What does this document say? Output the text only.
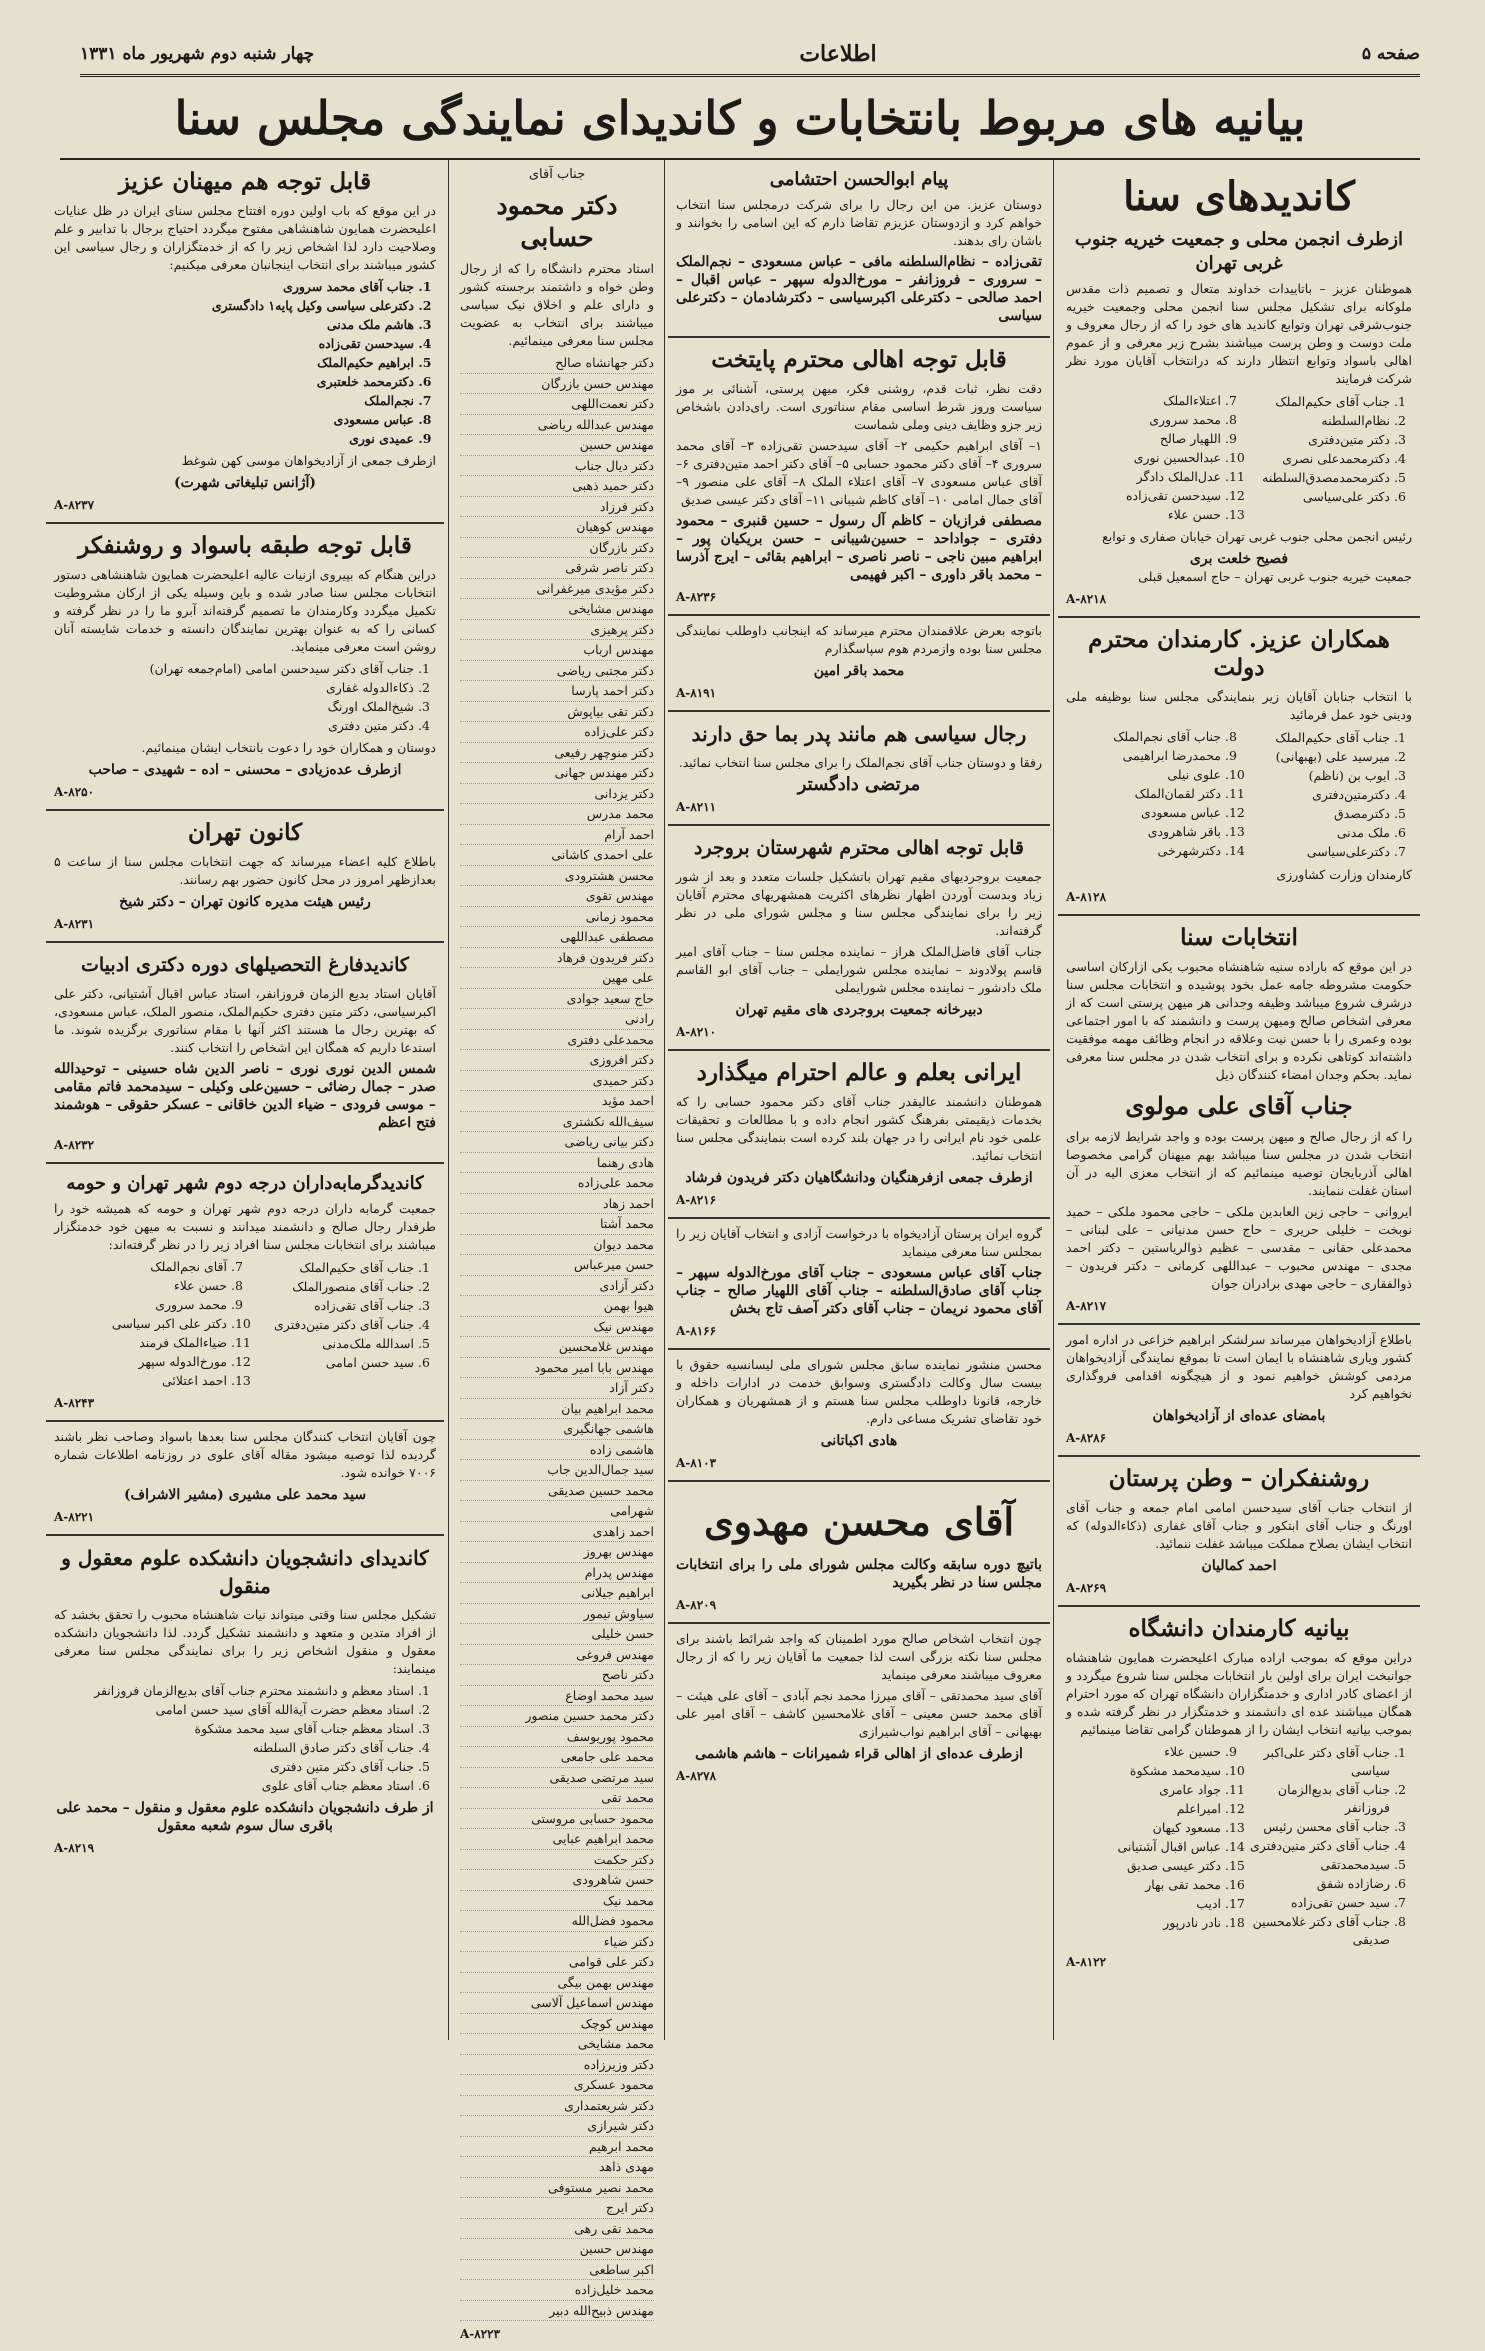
صفحه ۵
اطلاعات
چهار شنبه دوم شهریور ماه ۱۳۳۱
بیانیه های مربوط بانتخابات و کاندیدای نمایندگی مجلس سنا
کاندیدهای سنا
ازطرف انجمن محلی و جمعیت خیریه جنوب غربی تهران

هموطنان عزیز – باتاییدات خداوند متعال و تصمیم ذات مقدس ملوکانه برای تشکیل مجلس سنا انجمن محلی وجمعیت خیریه جنوب‌شرقی تهران وتوابع کاندید های خود را که از رجال معروف و ملت دوست و وطن پرست میباشند بشرح زیر معرفی و از عموم اهالی باسواد وتوابع انتظار دارند که درانتخاب آقایان مورد نظر شرکت فرمایند

1. جناب آقای حکیم‌الملک
2. نظام‌السلطنه
3. دکتر متین‌دفتری
4. دکترمحمدعلی نصری
5. دکترمحمدمصدق‌السلطنه
6. دکتر علی‌سیاسی
7. اعتلاءالملک
8. محمد سروری
9. اللهیار صالح
10. عبدالحسین نوری
11. عدل‌الملک دادگر
12. سیدحسن تقی‌زاده
13. حسن علاء

رئیس انجمن محلی جنوب غربی تهران خیابان صفاری و توابع

فصیح خلعت بری

جمعیت خیریه جنوب غربی تهران – حاج اسمعیل قبلی

A-۸۲۱۸
همکاران عزیز. کارمندان محترم دولت

با انتخاب جنابان آقایان زیر بنمایندگی مجلس سنا بوظیفه ملی ودینی خود عمل فرمائید

1. جناب آقای حکیم‌الملک
2. میرسید علی (بهبهانی)
3. ایوب بن (ناظم)
4. دکترمتین‌دفتری
5. دکترمصدق
6. ملک مدنی
7. دکترعلی‌سیاسی
8. جناب آقای نجم‌الملک
9. محمدرضا ابراهیمی
10. علوی نیلی
11. دکتر لقمان‌الملک
12. عباس مسعودی
13. باقر شاهرودی
14. دکتر‌شهرخی

کارمندان وزارت کشاورزی

A-۸۱۲۸
انتخابات سنا

در این موقع که باراده سنیه شاهنشاه محبوب یکی ازارکان اساسی حکومت مشروطه جامه عمل بخود پوشیده و انتخابات مجلس سنا درشرف شروع میباشد وظیفه وجدانی هر میهن پرستی است که از معرفی اشخاص صالح ومیهن پرست و دانشمند که با امور اجتماعی بوده وعمری را با حسن نیت وعلاقه در انجام وظائف مهمه موفقیت داشته‌اند کوتاهی نکرده و برای انتخاب شدن در مجلس سنا معرفی نماید. بحکم وجدان امضاء کنندگان ذیل

جناب آقای علی مولوی

را که از رجال صالح و میهن پرست بوده و واجد شرایط لازمه برای انتخاب شدن در مجلس سنا میباشد بهم میهنان گرامی مخصوصا اهالی آذربایجان توصیه مینمائیم که از انتخاب معزی الیه در آن استان غفلت ننمایند.

ایروانی – حاجی زین العابدین ملکی – حاجی محمود ملکی – حمید نوبخت – خلیلی حریری – حاج حسن مدنیانی – علی لبنانی – محمدعلی حقانی – مقدسی – عظیم ذوالریاستین – دکتر احمد مجدی – مهندس محبوب – عبداللهی کرمانی – دکتر فریدون – ذوالفقاری – حاجی مهدی برادران جوان

A-۸۲۱۷

باطلاع آزادیخواهان میرساند سرلشکر ابراهیم خزاعی در اداره امور کشور ویاری شاهنشاه با ایمان است تا بموقع نمایندگی آزادیخواهان مردمی کوشش خواهیم نمود و از هیچگونه اقدامی فروگذاری نخواهیم کرد

بامضای عده‌ای از آزادیخواهان
A-۸۲۸۶
روشنفکران – وطن پرستان

از انتخاب جناب آقای سیدحسن امامی امام جمعه و جناب آقای اورنگ و جناب آقای ابتکور و جناب آقای غفاری (ذکاءالدوله) که انتخاب ایشان بصلاح مملکت میباشد غفلت ننمائید.

احمد کمالیان
A-۸۲۶۹
بیانیه کارمندان دانشگاه

دراین موقع که بموجب اراده مبارک اعلیحضرت همایون شاهنشاه جوانبخت ایران برای اولین بار انتخابات مجلس سنا شروع میگردد و از اعضای کادر اداری و خدمتگزاران دانشگاه تهران که مورد احترام همگان میباشند عده ای دانشمند و خدمتگزار در نظر گرفته شده و بموجب بیانیه انتخاب ایشان را از هموطنان گرامی تقاضا مینمائیم

1. جناب آقای دکتر علی‌اکبر سیاسی
2. جناب آقای بدیع‌الزمان فروزانفر
3. جناب آقای محسن رئیس
4. جناب آقای دکتر متین‌دفتری
5. سیدمحمدتقی
6. رضازاده شفق
7. سید حسن تقی‌زاده
8. جناب آقای دکتر غلامحسین صدیقی
9. حسین علاء
10. سیدمحمد مشکوة
11. جواد عامری
12. امیراعلم
13. مسعود کیهان
14. عباس اقبال آشتیانی
15. دکتر عیسی صدیق
16. محمد تقی بهار
17. ادیب
18. نادر نادرپور
A-۸۱۲۲
پیام ابوالحسن احتشامی

دوستان عزیز. من این رجال را برای شرکت درمجلس سنا انتخاب خواهم کرد و ازدوستان عزیزم تقاضا دارم که این اسامی را بخوانند و باشان رای بدهند.

تقی‌زاده – نظام‌السلطنه مافی – عباس مسعودی – نجم‌الملک – سروری – فروزانفر – مورخ‌الدوله سپهر – عباس اقبال – احمد صالحی – دکترعلی اکبرسیاسی – دکترشادمان – دکترعلی سیاسی

قابل توجه اهالی محترم پایتخت

دقت نظر، ثبات قدم، روشنی فکر، میهن پرستی، آشنائی بر موز سیاست وروز شرط اساسی مقام سناتوری است. رای‌دادن باشخاص زیر جزو وظایف دینی وملی شماست

۱– آقای ابراهیم حکیمی ۲– آقای سیدحسن تقی‌زاده ۳– آقای محمد سروری ۴– آقای دکتر محمود حسابی ۵– آقای دکتر احمد متین‌دفتری ۶– آقای عباس مسعودی ۷– آقای اعتلاء الملک ۸– آقای علی منصور ۹– آقای جمال امامی ۱۰– آقای کاظم شیبانی ۱۱– آقای دکتر عیسی صدیق

مصطفی فرازیان – کاظم آل رسول – حسین قنبری – محمود دفتری – جواداحد – حسین‌شیبانی – حسن بریکیان پور – ابراهیم مبین ناجی – ناصر ناصری – ابراهیم بقائی – ایرج آذرسا – محمد باقر داوری – اکبر فهیمی

A-۸۲۳۶

باتوجه بعرض علاقمندان محترم میرساند که اینجانب داوطلب نمایندگی مجلس سنا بوده وازمردم هوم سپاسگذارم

محمد باقر امین
A-۸۱۹۱
رجال سیاسی هم مانند پدر بما حق دارند

رفقا و دوستان جناب آقای نجم‌الملک را برای مجلس سنا انتخاب نمائید.

مرتضی دادگستر
A-۸۲۱۱
قابل توجه اهالی محترم شهرستان بروجرد

جمعیت بروجردیهای مقیم تهران باتشکیل جلسات متعدد و بعد از شور زیاد وبدست آوردن اظهار نظرهای اکثریت همشهریهای محترم آقایان زیر را برای نمایندگی مجلس سنا و مجلس شورای ملی در نظر گرفته‌اند.

جناب آقای فاضل‌الملک هراز – نماینده مجلس سنا – جناب آقای امیر قاسم پولادوند – نماینده مجلس شورایملی – جناب آقای ابو القاسم ملک دادشور – نماینده مجلس شورایملی

دبیرخانه جمعیت بروجردی های مقیم تهران
A-۸۲۱۰
ایرانی بعلم و عالم احترام میگذارد

هموطنان دانشمند عالیقدر جناب آقای دکتر محمود حسابی را که بخدمات ذیقیمتی بفرهنگ کشور انجام داده و با مطالعات و تحقیقات علمی خود نام ایرانی را در جهان بلند کرده است بنمایندگی مجلس سنا انتخاب نمائید.

ازطرف جمعی ازفرهنگیان ودانشگاهیان دکتر فریدون فرشاد
A-۸۲۱۶

گروه ایران پرستان آزادیخواه با درخواست آزادی و انتخاب آقایان زیر را بمجلس سنا معرفی مینماید

جناب آقای عباس مسعودی – جناب آقای مورخ‌الدوله سپهر – جناب آقای صادق‌السلطنه – جناب آقای اللهیار صالح – جناب آقای محمود نریمان – جناب آقای دکتر آصف تاج بخش

A-۸۱۶۶

محسن منشور نماینده سابق مجلس شورای ملی لیسانسیه حقوق با بیست سال وکالت دادگستری وسوابق خدمت در ادارات داخله و خارجه، قانونا داوطلب مجلس سنا هستم و از همشهریان و همکاران خود تقاضای تشریک مساعی دارم.

هادی اکباتانی
A-۸۱۰۳
آقای محسن مهدوی

باتیچ دوره سابقه وکالت مجلس شورای ملی را برای انتخابات مجلس سنا در نظر بگیرید

A-۸۲۰۹

چون انتخاب اشخاص صالح مورد اطمینان که واجد شرائط باشند برای مجلس سنا نکته بزرگی است لذا جمعیت ما آقایان زیر را که از رجال معروف میباشند معرفی مینماید

آقای سید محمدتقی – آقای میرزا محمد نجم آبادی – آقای علی هیئت – آقای محمد حسن معینی – آقای غلامحسین کاشف – آقای امیر علی بهبهانی – آقای ابراهیم نواب‌شیرازی

ازطرف عده‌ای از اهالی قراء شمیرانات – هاشم هاشمی
A-۸۲۷۸
جناب آقای
دکتر محمود حسابی

استاد محترم دانشگاه را که از رجال وطن خواه و داشتمند برجسته کشور و دارای علم و اخلاق نیک سیاسی میباشند برای انتخاب به عضویت مجلس سنا معرفی مینمائیم.

دکتر جهانشاه صالح
مهندس حسن بازرگان
دکتر نعمت‌اللهی
مهندس عبدالله ریاضی
مهندس حسین
دکتر دیال جناب
دکتر حمید ذهبی
دکتر فرزاد
مهندس کوهیان
دکتر بازرگان
دکتر ناصر شرقی
دکتر مؤیدی میرغفرانی
مهندس مشایخی
دکتر پرهیزی
مهندس ارباب
دکتر مجتبی ریاضی
دکتر احمد پارسا
دکتر تقی بیاپوش
دکتر علی‌زاده
دکتر منوچهر رفیعی
دکتر مهندس جهانی
دکتر یزدانی
محمد مدرس
احمد آرام
علی احمدی کاشانی
محسن هشترودی
مهندس تقوی
محمود زمانی
مصطفی عبداللهی
دکتر فریدون فرهاد
علی مهین
حاج سعید جوادی
رادنی
محمدعلی دفتری
دکتر افروزی
دکتر حمیدی
احمد مؤید
سیف‌الله نکشتری
دکتر بیانی ریاضی
هادی رهنما
محمد علی‌زاده
احمد زهاد
محمد آشتا
محمد دیوان
حسن میرعباس
دکتر آزادی
هیوا بهمن
مهندس نیک
مهندس غلامحسین
مهندس بابا امیر محمود
دکتر آزاد
محمد ابراهیم بیان
هاشمی جهانگیری
هاشمی زاده
سید جمال‌الدین جاب
محمد حسین صدیقی
شهرامی
احمد زاهدی
مهندس بهروز
مهندس پدرام
ابراهیم جیلانی
سیاوش تیمور
حسن خلیلی
مهندس فروغی
دکتر ناصح
سید محمد اوضاع
دکتر محمد حسین منصور
محمود پوریوسف
محمد علی جامعی
سید مرتضی صدیقی
محمد تقی
محمود حسابی مروستی
محمد ابراهیم عبایی
دکتر حکمت
حسن شاهرودی
محمد نیک
محمود فضل‌الله
دکتر ضیاء
دکتر علی قوامی
مهندس بهمن بیگی
مهندس اسماعیل آلاسی
مهندس کوچک
محمد مشایخی
دکتر وزیرزاده
محمود عسکری
دکتر شریعتمداری
دکتر شیرازی
محمد ابرهیم
مهدی ذاهد
محمد نصیر مستوفی
دکتر ایرج
محمد تقی رهی
مهندس حسین
اکبر ساطعی
محمد خلیل‌زاده
مهندس ذبیح‌الله دبیر
A-۸۲۲۳
قابل توجه هم میهنان عزیز

در این موقع که باب اولین دوره افتتاح مجلس سنای ایران در ظل عنایات اعلیحضرت همایون شاهنشاهی مفتوح میگردد احتیاج برجال با تدابیر و علم وصلاحیت دارد لذا اشخاص زیر را که از خدمتگزاران و رجال سیاسی این کشور میباشند برای انتخاب اینجانبان معرفی میکنیم:

1. جناب آقای محمد سروری
2. دکترعلی سیاسی وکیل پایه۱ دادگستری
3. هاشم ملک مدنی
4. سیدحسن تقی‌زاده
5. ابراهیم حکیم‌الملک
6. دکترمحمد خلعتبری
7. نجم‌الملک
8. عباس مسعودی
9. عمیدی نوری

ازطرف جمعی از آزادیخواهان موسی کهن شوغط

(آژانس تبلیغاتی شهرت)
A-۸۲۳۷
قابل توجه طبقه باسواد و روشنفکر

دراین هنگام که بپیروی ازنیات عالیه اعلیحضرت همایون شاهنشاهی دستور انتخابات مجلس سنا صادر شده و باین وسیله یکی از ارکان مشروطیت تکمیل میگردد وکارمندان ما تصمیم گرفته‌اند آبرو ما را در نظر گرفته و کسانی را که به عنوان بهترین نمایندگان دانسته و خدمات شایسته آنان روشن است معرفی مینماید.

1. جناب آقای دکتر سیدحسن امامی (امام‌جمعه تهران)
2. ذکاءالدوله غفاری
3. شیخ‌الملک اورنگ
4. دکتر متین دفتری

دوستان و همکاران خود را دعوت بانتخاب ایشان مینمائیم.

ازطرف عده‌زیادی – محسنی – اده – شهیدی – صاحب
A-۸۲۵۰
کانون تهران

باطلاع کلیه اعضاء میرساند که جهت انتخابات مجلس سنا از ساعت ۵ بعدازظهر امروز در محل کانون حضور بهم رسانند.

رئیس هیئت مدیره کانون تهران – دکتر شیخ
A-۸۲۳۱
کاندیدفارغ التحصیلهای دوره دکتری ادبیات

آقایان استاد بدیع الزمان فروزانفر، استاد عباس اقبال آشتیانی، دکتر علی اکبرسیاسی، دکتر متین دفتری حکیم‌الملک، منصور الملک، عباس مسعودی، که بهترین رجال ما هستند اکثر آنها با مقام سناتوری برگزیده شوند. ما استدعا داریم که همگان این اشخاص را انتخاب کنند.

شمس الدین نوری نوری – ناصر الدین شاه حسینی – توحیدالله صدر – جمال رضائی – حسین‌علی وکیلی – سیدمحمد فاتم مقامی – موسی فرودی – ضیاء الدین خاقانی – عسکر حقوقی – هوشمند فتح اعظم

A-۸۲۳۲
کاندیدگرمابه‌داران درجه دوم شهر تهران و حومه

جمعیت گرمابه داران درجه دوم شهر تهران و حومه که همیشه خود را طرفدار رجال صالح و دانشمند میدانند و نسبت به میهن خود خدمتگزار میباشند برای انتخابات مجلس سنا افراد زیر را در نظر گرفته‌اند:

1. جناب آقای حکیم‌الملک
2. جناب آقای منصورالملک
3. جناب آقای تقی‌زاده
4. جناب آقای دکتر متین‌دفتری
5. اسدالله ملک‌مدنی
6. سید حسن امامی
7. آقای نجم‌الملک
8. حسن علاء
9. محمد سروری
10. دکتر علی اکبر سیاسی
11. ضیاءالملک فرمند
12. مورخ‌الدوله سپهر
13. احمد اعتلائی
A-۸۲۴۳

چون آقایان انتخاب کنندگان مجلس سنا بعدها باسواد وصاحب نظر باشند گردیده لذا توصیه میشود مقاله آقای علوی در روزنامه اطلاعات شماره ۷۰۰۶ خوانده شود.

سید محمد علی مشیری (مشیر الاشراف)
A-۸۲۲۱
کاندیدای دانشجویان دانشکده علوم معقول و منقول

تشکیل مجلس سنا وقتی میتواند نیات شاهنشاه محبوب را تحقق بخشد که از افراد متدین و متعهد و دانشمند تشکیل گردد. لذا دانشجویان دانشکده معقول و منقول اشخاص زیر را برای نمایندگی مجلس سنا معرفی مینمایند:

1. استاد معظم و دانشمند محترم جناب آقای بدیع‌الزمان فروزانفر
2. استاد معظم حضرت آیة‌الله آقای سید حسن امامی
3. استاد معظم جناب آقای سید محمد مشکوة
4. جناب آقای دکتر صادق السلطنه
5. جناب آقای دکتر متین دفتری
6. استاد معظم جناب آقای علوی
از طرف دانشجویان دانشکده علوم معقول و منقول – محمد علی باقری سال سوم شعبه معقول
A-۸۲۱۹
